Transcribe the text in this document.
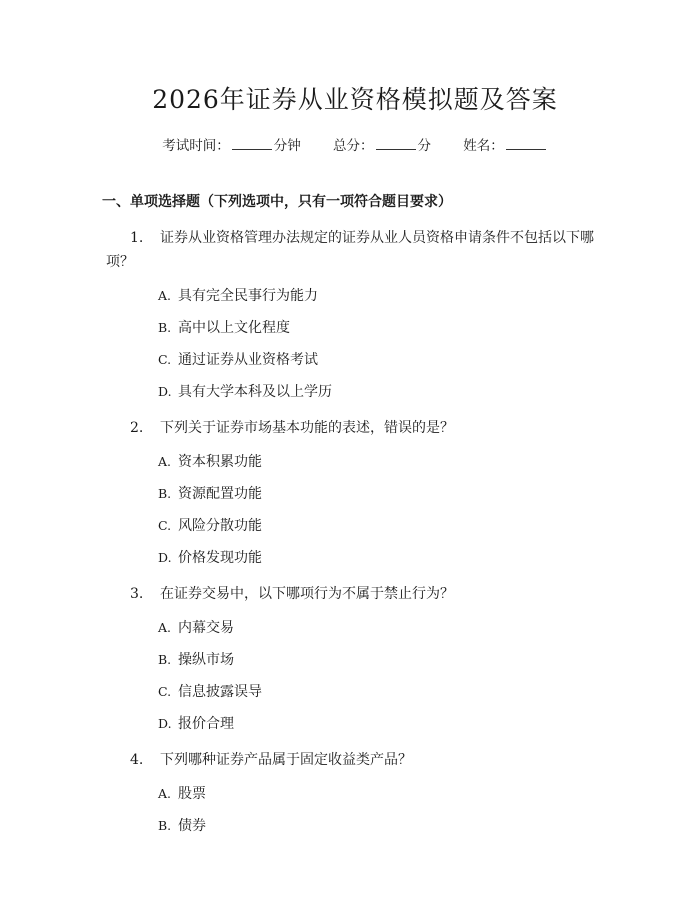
2026年证券从业资格模拟题及答案
考试时间：	分钟 总分：	分 姓名：
一、单项选择题（下列选项中，只有一项符合题目要求）
1. 证券从业资格管理办法规定的证券从业人员资格申请条件不包括以下哪项？
A. 具有完全民事行为能力
B. 高中以上文化程度
C. 通过证券从业资格考试
D. 具有大学本科及以上学历
2. 下列关于证券市场基本功能的表述，错误的是？
A. 资本积累功能
B. 资源配置功能
C. 风险分散功能
D. 价格发现功能
3. 在证券交易中，以下哪项行为不属于禁止行为？
A. 内幕交易
B. 操纵市场
C. 信息披露误导
D. 报价合理
4. 下列哪种证券产品属于固定收益类产品？
A. 股票
B. 债券
